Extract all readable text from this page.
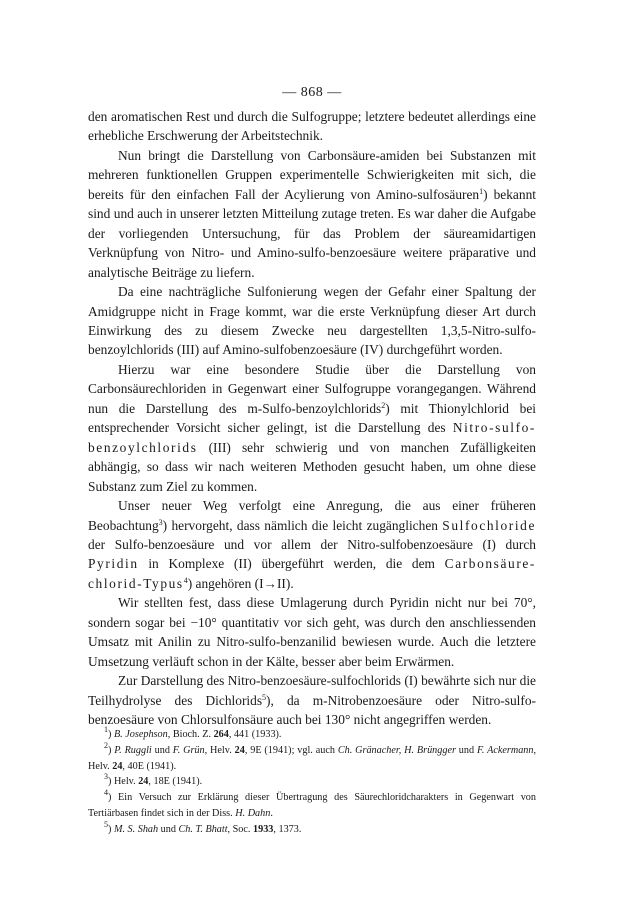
— 868 —

den aromatischen Rest und durch die Sulfogruppe; letztere bedeutet allerdings eine erhebliche Erschwerung der Arbeitstechnik.

Nun bringt die Darstellung von Carbonsäure-amiden bei Substanzen mit mehreren funktionellen Gruppen experimentelle Schwierigkeiten mit sich, die bereits für den einfachen Fall der Acylierung von Amino-sulfosäuren$^1$) bekannt sind und auch in unserer letzten Mitteilung zutage treten. Es war daher die Aufgabe der vorliegenden Untersuchung, für das Problem der säureamidartigen Verknüpfung von Nitro- und Amino-sulfo-benzoesäure weitere präparative und analytische Beiträge zu liefern.

Da eine nachträgliche Sulfonierung wegen der Gefahr einer Spaltung der Amidgruppe nicht in Frage kommt, war die erste Verknüpfung dieser Art durch Einwirkung des zu diesem Zwecke neu dargestellten 1,3,5-Nitro-sulfo-benzoylchlorids (III) auf Amino-sulfobenzoesäure (IV) durchgeführt worden.

Hierzu war eine besondere Studie über die Darstellung von Carbonsäurechloriden in Gegenwart einer Sulfogruppe vorangegangen. Während nun die Darstellung des m-Sulfo-benzoylchlorids$^2$) mit Thionylchlorid bei entsprechender Vorsicht sicher gelingt, ist die Darstellung des Nitro-sulfo-benzoylchlorids (III) sehr schwierig und von manchen Zufälligkeiten abhängig, so dass wir nach weiteren Methoden gesucht haben, um ohne diese Substanz zum Ziel zu kommen.

Unser neuer Weg verfolgt eine Anregung, die aus einer früheren Beobachtung$^3$) hervorgeht, dass nämlich die leicht zugänglichen Sulfochloride der Sulfo-benzoesäure und vor allem der Nitro-sulfobenzoesäure (I) durch Pyridin in Komplexe (II) übergeführt werden, die dem Carbonsäure-chlorid-Typus$^4$) angehören (I→II).

Wir stellten fest, dass diese Umlagerung durch Pyridin nicht nur bei 70°, sondern sogar bei −10° quantitativ vor sich geht, was durch den anschliessenden Umsatz mit Anilin zu Nitro-sulfo-benzanilid bewiesen wurde. Auch die letztere Umsetzung verläuft schon in der Kälte, besser aber beim Erwärmen.

Zur Darstellung des Nitro-benzoesäure-sulfochlorids (I) bewährte sich nur die Teilhydrolyse des Dichlorids$^5$), da m-Nitrobenzoesäure oder Nitro-sulfo-benzoesäure von Chlorsulfonsäure auch bei 130° nicht angegriffen werden.

$^1$) B. Josephson, Bioch. Z. 264, 441 (1933).

$^2$) P. Ruggli und F. Grün, Helv. 24, 9E (1941); vgl. auch Ch. Gränacher, H. Brüngger und F. Ackermann, Helv. 24, 40E (1941).

$^3$) Helv. 24, 18E (1941).

$^4$) Ein Versuch zur Erklärung dieser Übertragung des Säurechloridcharakters in Gegenwart von Tertiärbasen findet sich in der Diss. H. Dahn.

$^5$) M. S. Shah und Ch. T. Bhatt, Soc. 1933, 1373.
